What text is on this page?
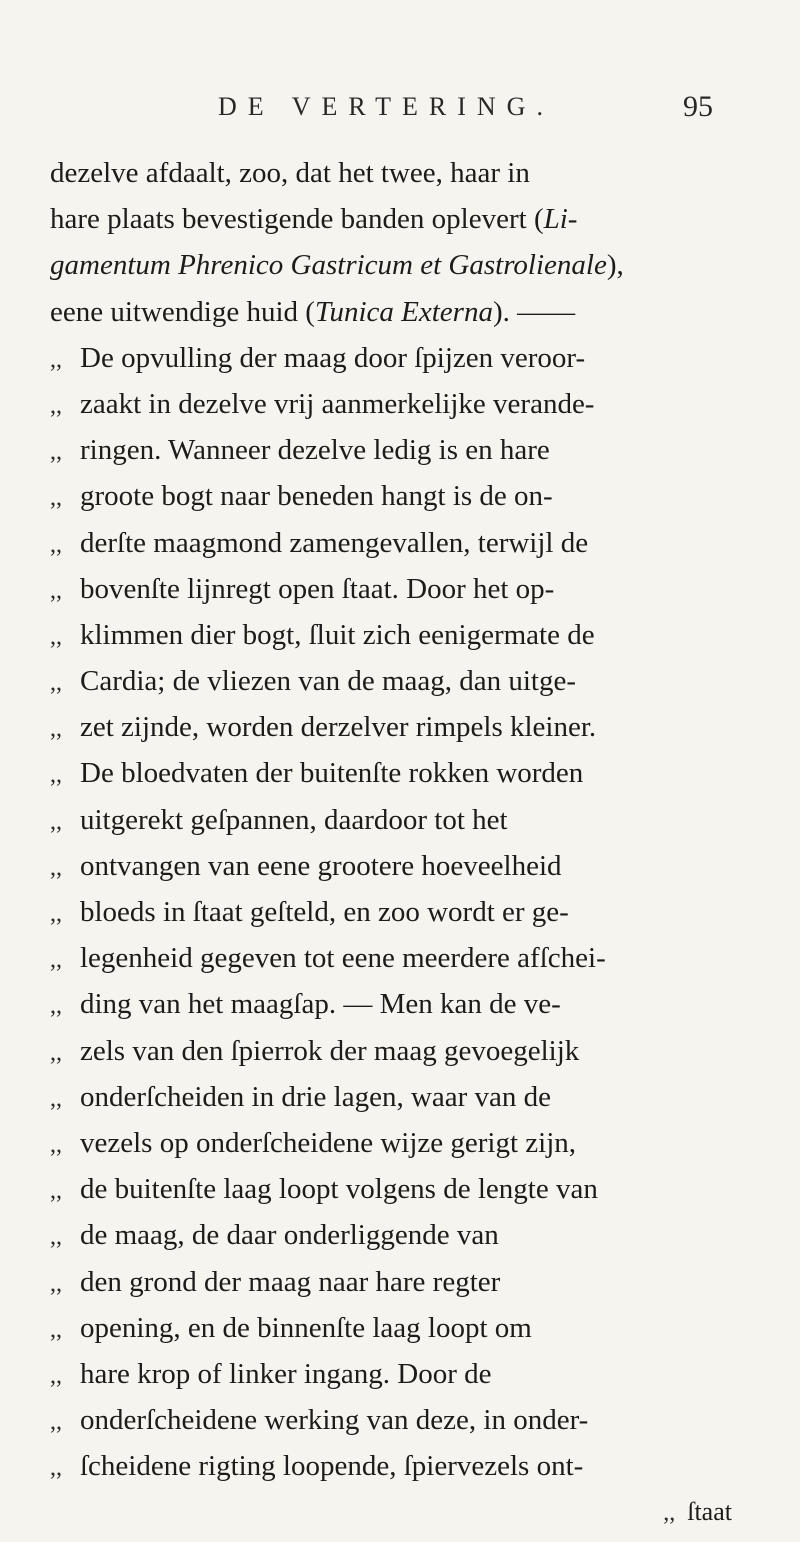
DE VERTERING.	95
dezelve afdaalt, zoo, dat het twee, haar in
hare plaats bevestigende banden oplevert (Li-
gamentum Phrenico Gastricum et Gastrolienale),
eene uitwendige huid (Tunica Externa). ——
,, De opvulling der maag door ſpijzen veroor-
,, zaakt in dezelve vrij aanmerkelijke verande-
,, ringen. Wanneer dezelve ledig is en hare
,, groote bogt naar beneden hangt is de on-
,, derſte maagmond zamengevallen, terwijl de
,, bovenſte lijnregt open ſtaat. Door het op-
,, klimmen dier bogt, ſluit zich eenigermate de
,, Cardia; de vliezen van de maag, dan uitge-
,, zet zijnde, worden derzelver rimpels kleiner.
,, De bloedvaten der buitenſte rokken worden
,, uitgerekt geſpannen, daardoor tot het
,, ontvangen van eene grootere hoeveelheid
,, bloeds in ſtaat geſteld, en zoo wordt er ge-
,, legenheid gegeven tot eene meerdere afſchei-
,, ding van het maagſap. — Men kan de ve-
,, zels van den ſpierrok der maag gevoegelijk
,, onderſcheiden in drie lagen, waar van de
,, vezels op onderſcheidene wijze gerigt zijn,
,, de buitenſte laag loopt volgens de lengte van
,, de maag, de daar onderliggende van
,, den grond der maag naar hare regter
,, opening, en de binnenſte laag loopt om
,, hare krop of linker ingang. Door de
,, onderſcheidene werking van deze, in onder-
,, ſcheidene rigting loopende, ſpiervezels ont-
,, ſtaat
